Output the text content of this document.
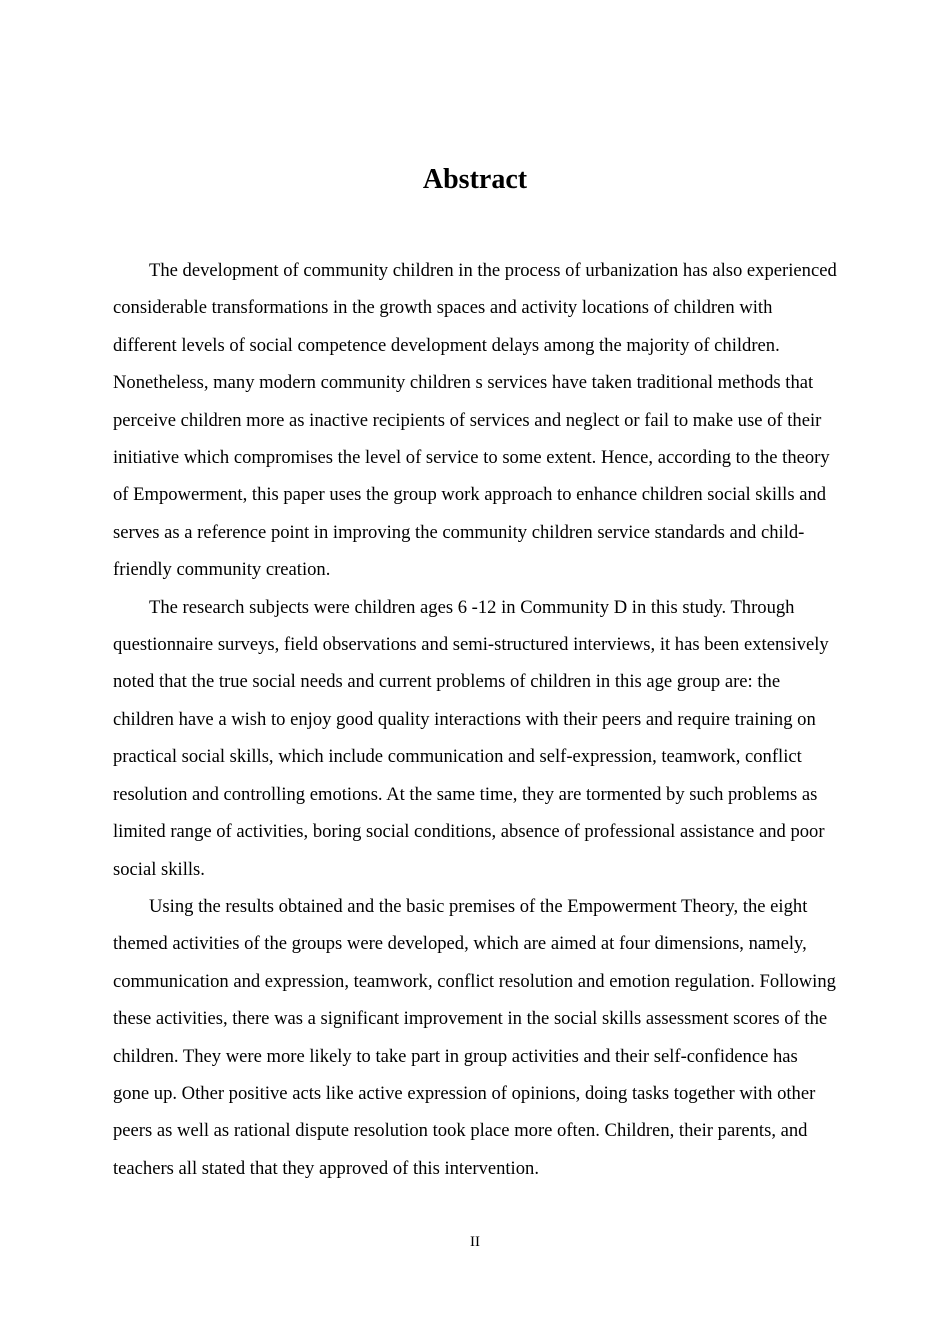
Abstract

The development of community children in the process of urbanization has also experienced considerable transformations in the growth spaces and activity locations of children with different levels of social competence development delays among the majority of children. Nonetheless, many modern community children s services have taken traditional methods that perceive children more as inactive recipients of services and neglect or fail to make use of their initiative which compromises the level of service to some extent. Hence, according to the theory of Empowerment, this paper uses the group work approach to enhance children social skills and serves as a reference point in improving the community children service standards and child-friendly community creation.

The research subjects were children ages 6 -12 in Community D in this study. Through questionnaire surveys, field observations and semi-structured interviews, it has been extensively noted that the true social needs and current problems of children in this age group are: the children have a wish to enjoy good quality interactions with their peers and require training on practical social skills, which include communication and self-expression, teamwork, conflict resolution and controlling emotions. At the same time, they are tormented by such problems as limited range of activities, boring social conditions, absence of professional assistance and poor social skills.

Using the results obtained and the basic premises of the Empowerment Theory, the eight themed activities of the groups were developed, which are aimed at four dimensions, namely, communication and expression, teamwork, conflict resolution and emotion regulation. Following these activities, there was a significant improvement in the social skills assessment scores of the children. They were more likely to take part in group activities and their self-confidence has gone up. Other positive acts like active expression of opinions, doing tasks together with other peers as well as rational dispute resolution took place more often. Children, their parents, and teachers all stated that they approved of this intervention.

II
